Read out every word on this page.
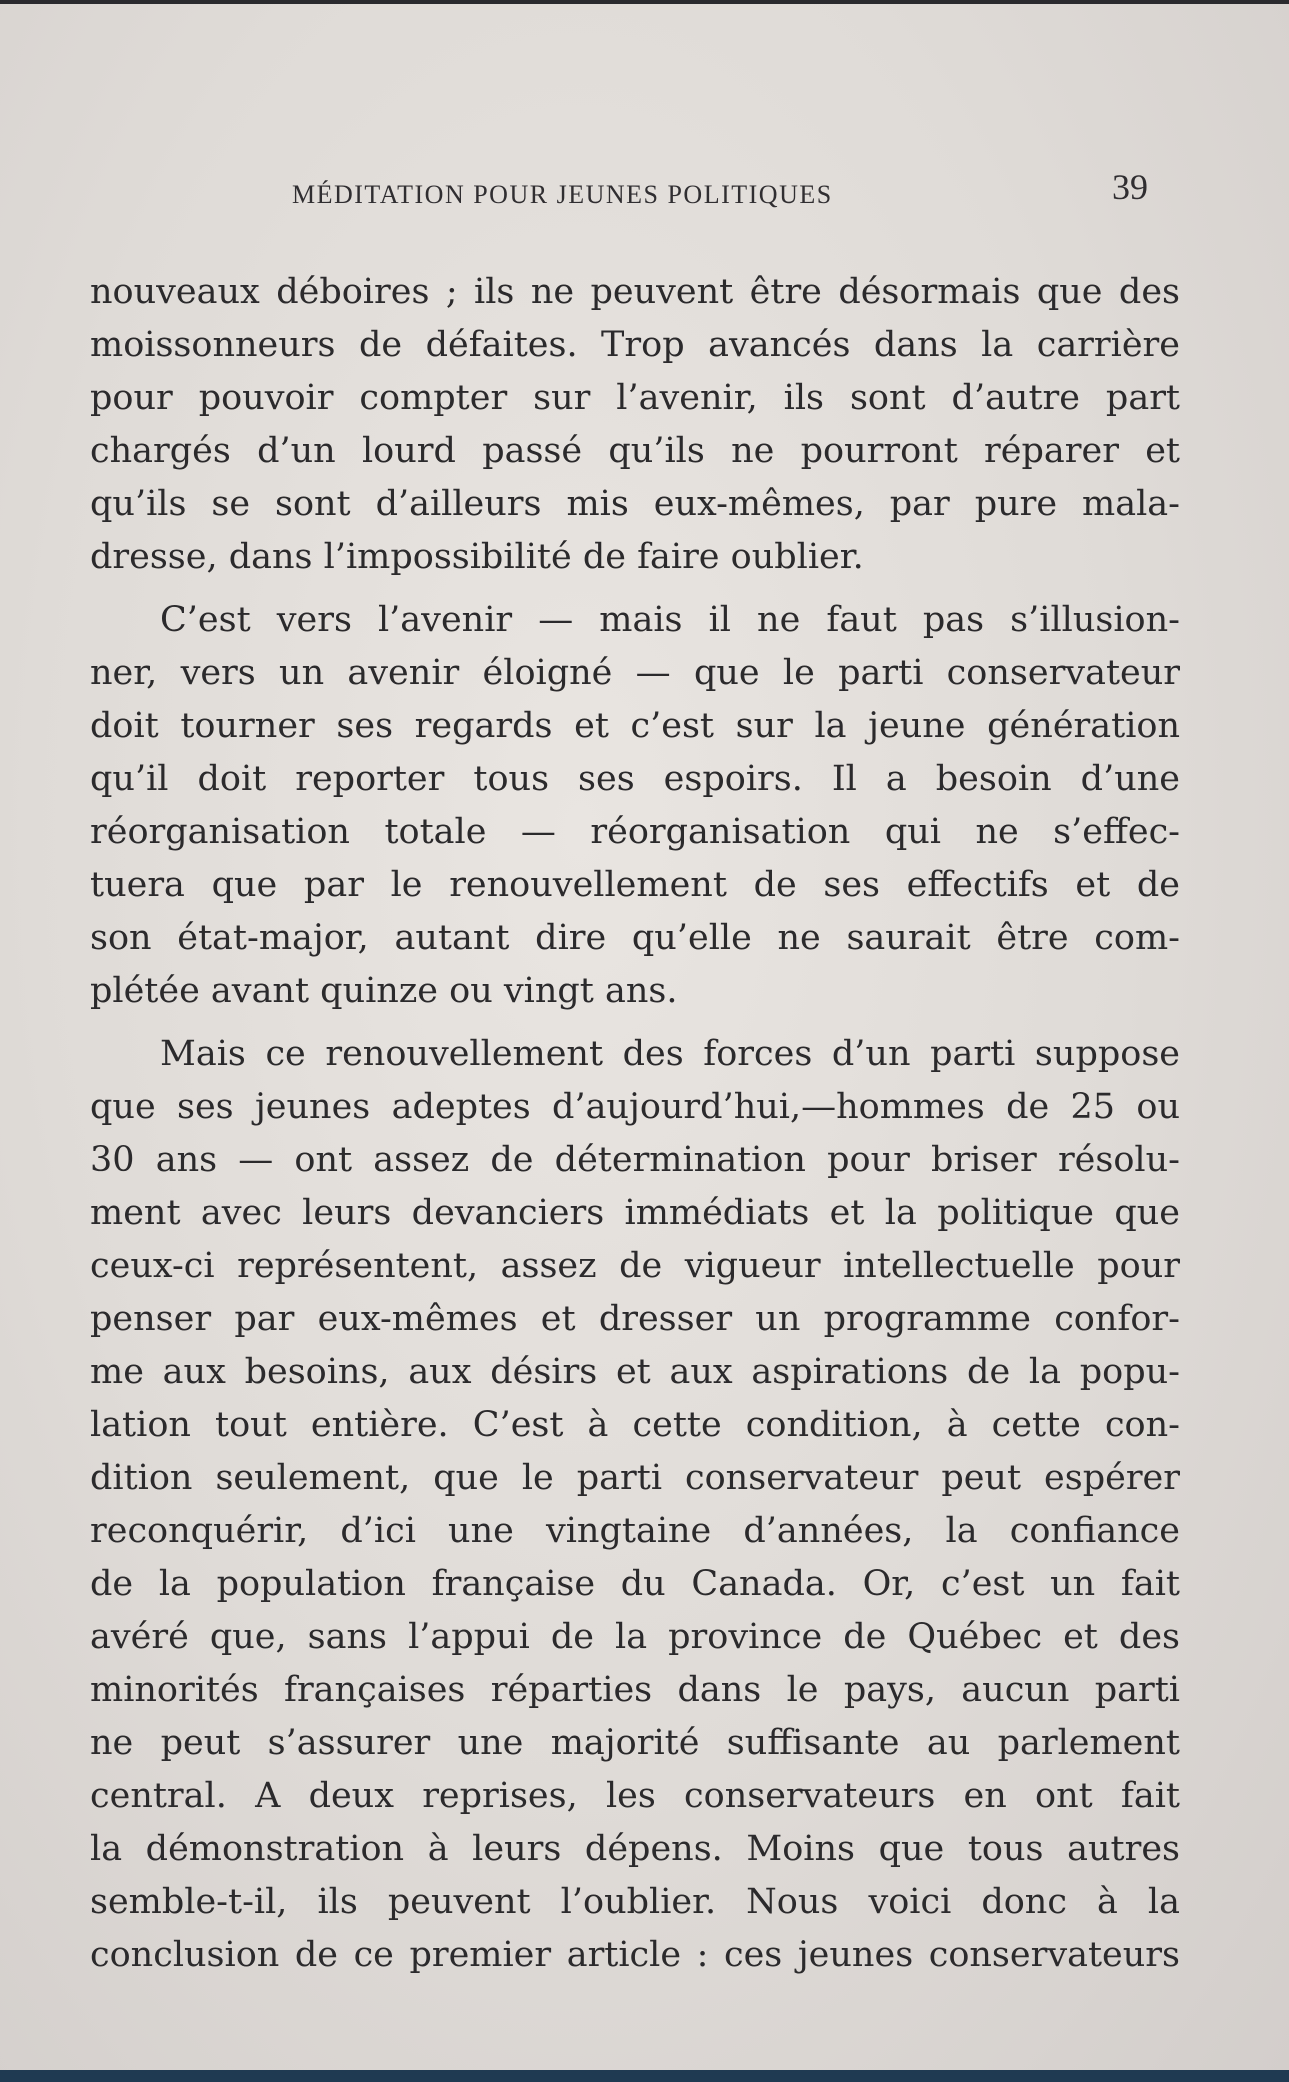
MÉDITATION POUR JEUNES POLITIQUES	39
nouveaux déboires ; ils ne peuvent être désormais que des
moissonneurs de défaites. Trop avancés dans la carrière
pour pouvoir compter sur l’avenir, ils sont d’autre part
chargés d’un lourd passé qu’ils ne pourront réparer et
qu’ils se sont d’ailleurs mis eux-mêmes, par pure mala-
dresse, dans l’impossibilité de faire oublier.
C’est vers l’avenir — mais il ne faut pas s’illusion-
ner, vers un avenir éloigné — que le parti conservateur
doit tourner ses regards et c’est sur la jeune génération
qu’il doit reporter tous ses espoirs. Il a besoin d’une
réorganisation totale — réorganisation qui ne s’effec-
tuera que par le renouvellement de ses effectifs et de
son état-major, autant dire qu’elle ne saurait être com-
plétée avant quinze ou vingt ans.
Mais ce renouvellement des forces d’un parti suppose
que ses jeunes adeptes d’aujourd’hui,—hommes de 25 ou
30 ans — ont assez de détermination pour briser résolu-
ment avec leurs devanciers immédiats et la politique que
ceux-ci représentent, assez de vigueur intellectuelle pour
penser par eux-mêmes et dresser un programme confor-
me aux besoins, aux désirs et aux aspirations de la popu-
lation tout entière. C’est à cette condition, à cette con-
dition seulement, que le parti conservateur peut espérer
reconquérir, d’ici une vingtaine d’années, la confiance
de la population française du Canada. Or, c’est un fait
avéré que, sans l’appui de la province de Québec et des
minorités françaises réparties dans le pays, aucun parti
ne peut s’assurer une majorité suffisante au parlement
central. A deux reprises, les conservateurs en ont fait
la démonstration à leurs dépens. Moins que tous autres
semble-t-il, ils peuvent l’oublier. Nous voici donc à la
conclusion de ce premier article : ces jeunes conservateurs
